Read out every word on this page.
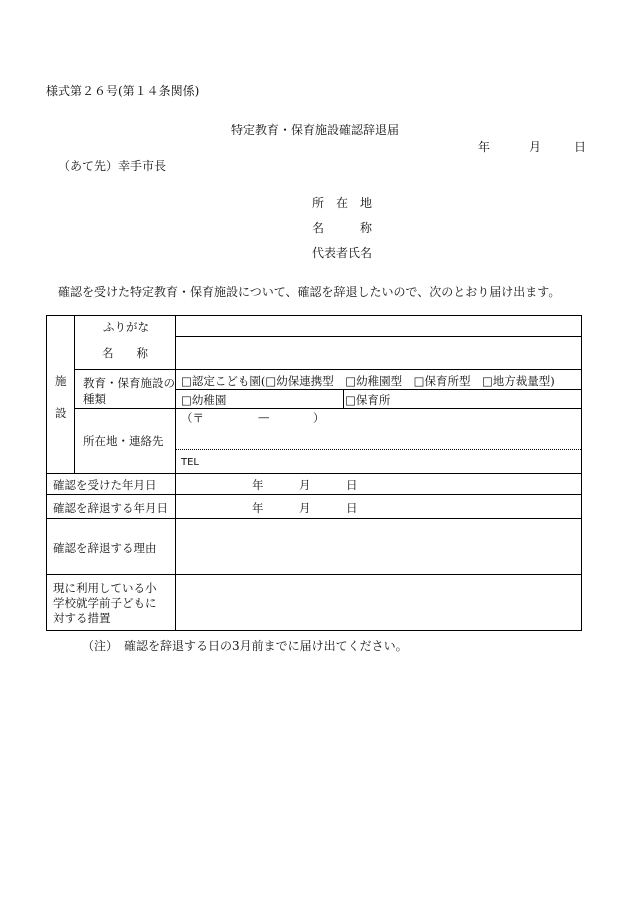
様式第２６号(第１４条関係)
特定教育・保育施設確認辞退届
年	月	日
（あて先）幸手市長
所　在　地
名　　　称
代表者氏名
確認を受けた特定教育・保育施設について、確認を辞退したいので、次のとおり届け出ます。
施
設
ふりがな
名　　称
教育・保育施設の
種類
□認定こども園(□幼保連携型　□幼稚園型　□保育所型　□地方裁量型)
□幼稚園	□保育所
所在地・連絡先
（〒	—	）
TEL
確認を受けた年月日	年	月	日
確認を辞退する年月日	年	月	日
確認を辞退する理由
現に利用している小
学校就学前子どもに
対する措置
（注）　確認を辞退する日の3月前までに届け出てください。
